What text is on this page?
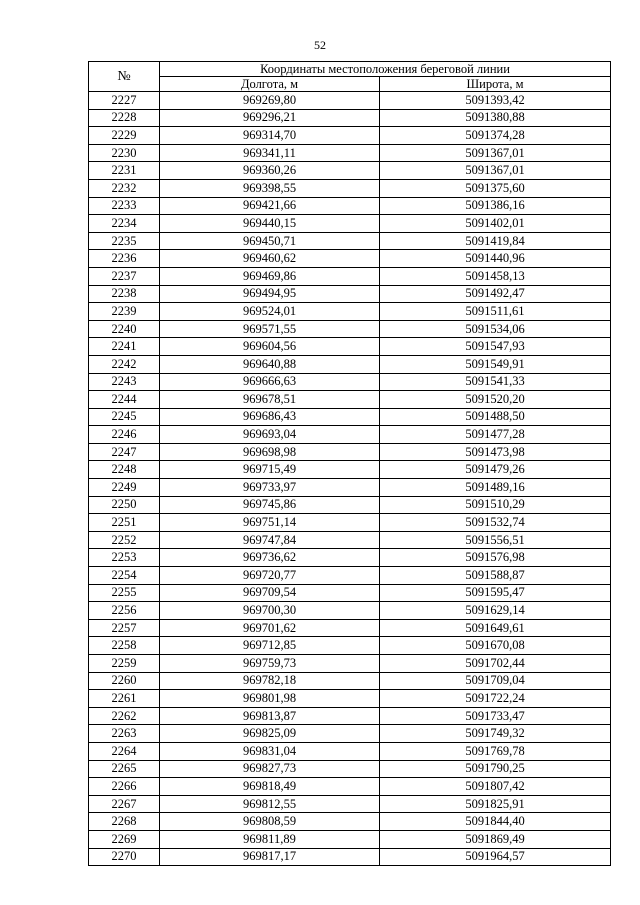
52
№	Координаты местоположения береговой линии	
	Долгота, м	Широта, м
2227	969269,80	5091393,42
2228	969296,21	5091380,88
2229	969314,70	5091374,28
2230	969341,11	5091367,01
2231	969360,26	5091367,01
2232	969398,55	5091375,60
2233	969421,66	5091386,16
2234	969440,15	5091402,01
2235	969450,71	5091419,84
2236	969460,62	5091440,96
2237	969469,86	5091458,13
2238	969494,95	5091492,47
2239	969524,01	5091511,61
2240	969571,55	5091534,06
2241	969604,56	5091547,93
2242	969640,88	5091549,91
2243	969666,63	5091541,33
2244	969678,51	5091520,20
2245	969686,43	5091488,50
2246	969693,04	5091477,28
2247	969698,98	5091473,98
2248	969715,49	5091479,26
2249	969733,97	5091489,16
2250	969745,86	5091510,29
2251	969751,14	5091532,74
2252	969747,84	5091556,51
2253	969736,62	5091576,98
2254	969720,77	5091588,87
2255	969709,54	5091595,47
2256	969700,30	5091629,14
2257	969701,62	5091649,61
2258	969712,85	5091670,08
2259	969759,73	5091702,44
2260	969782,18	5091709,04
2261	969801,98	5091722,24
2262	969813,87	5091733,47
2263	969825,09	5091749,32
2264	969831,04	5091769,78
2265	969827,73	5091790,25
2266	969818,49	5091807,42
2267	969812,55	5091825,91
2268	969808,59	5091844,40
2269	969811,89	5091869,49
2270	969817,17	5091964,57
